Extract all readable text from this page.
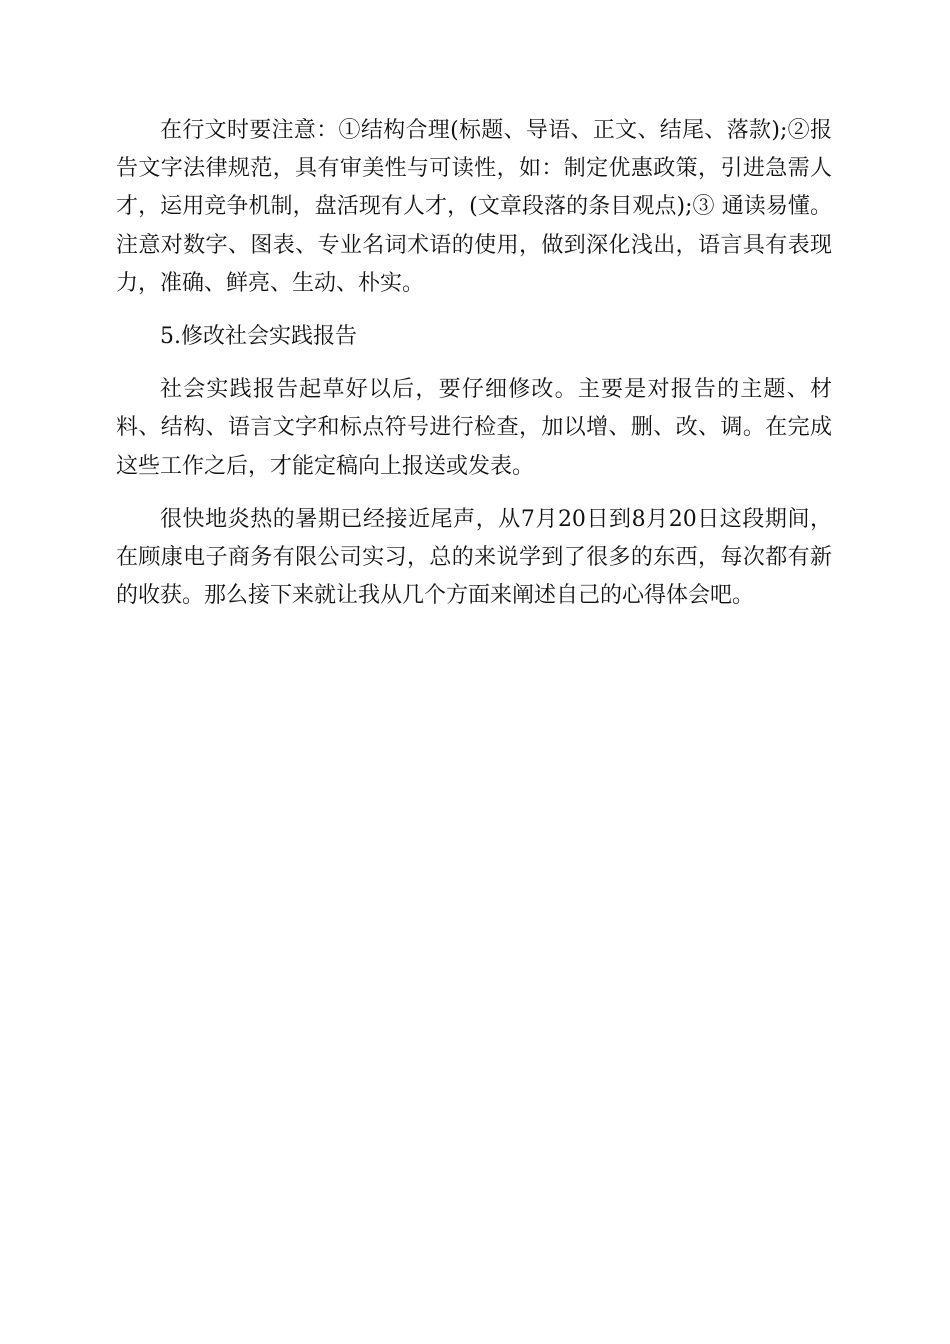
在行文时要注意：①结构合理(标题、导语、正文、结尾、落款);②报告文字法律规范，具有审美性与可读性，如：制定优惠政策，引进急需人才，运用竞争机制，盘活现有人才，(文章段落的条目观点);③ 通读易懂。注意对数字、图表、专业名词术语的使用，做到深化浅出，语言具有表现力，准确、鲜亮、生动、朴实。

5.修改社会实践报告

社会实践报告起草好以后，要仔细修改。主要是对报告的主题、材料、结构、语言文字和标点符号进行检查，加以增、删、改、调。在完成这些工作之后，才能定稿向上报送或发表。

很快地炎热的暑期已经接近尾声，从7月20日到8月20日这段期间，在顾康电子商务有限公司实习，总的来说学到了很多的东西，每次都有新的收获。那么接下来就让我从几个方面来阐述自己的心得体会吧。
